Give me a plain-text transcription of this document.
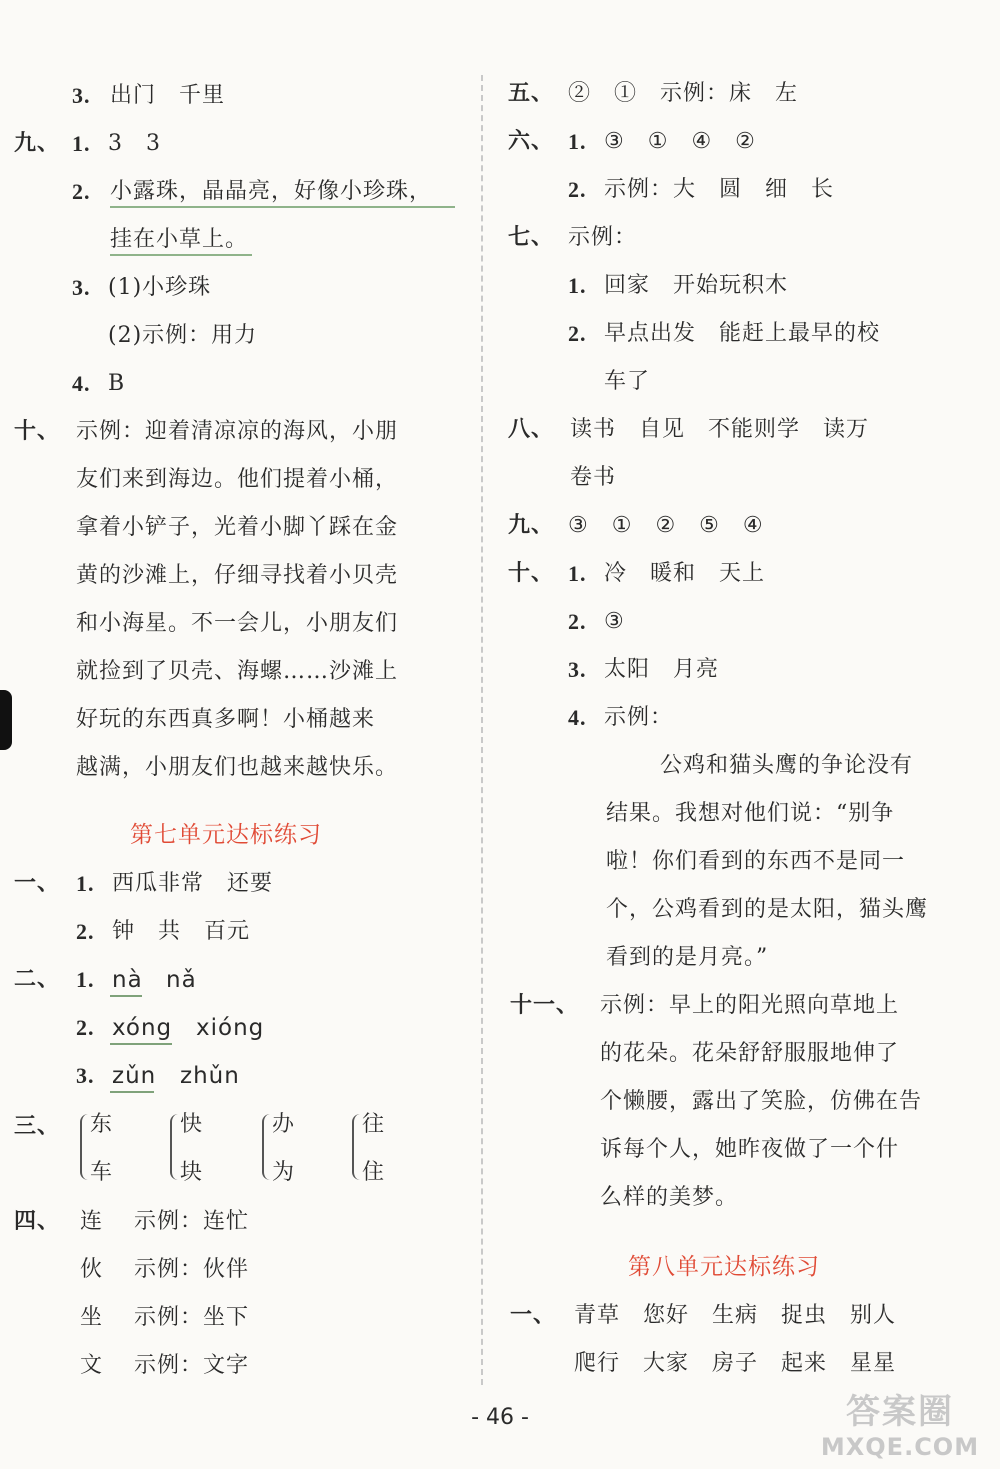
3. 出门　千里
九、 1. 3　3
2. 小露珠，晶晶亮，好像小珍珠，
挂在小草上。
3. (1)小珍珠
(2)示例：用力
4. B
十、 示例：迎着清凉凉的海风，小朋
友们来到海边。他们提着小桶，
拿着小铲子，光着小脚丫踩在金
黄的沙滩上，仔细寻找着小贝壳
和小海星。不一会儿，小朋友们
就捡到了贝壳、海螺……沙滩上
好玩的东西真多啊！小桶越来
越满，小朋友们也越来越快乐。
第七单元达标练习
一、 1. 西瓜非常　还要
2. 钟　共　百元
二、 1. nà nǎ
2. xóng xióng
3. zǔn zhǔn
三、 东
车
快
块
办
为
往
住
四、 连 示例：连忙
伙 示例：伙伴
坐 示例：坐下
文 示例：文字
五、 ②　①　示例：床　左
六、 1. ③　①　④　②
2. 示例：大　圆　细　长
七、 示例：
1. 回家　开始玩积木
2. 早点出发　能赶上最早的校
车了
八、 读书　自见　不能则学　读万
卷书
九、 ③　①　②　⑤　④
十、 1. 冷　暖和　天上
2. ③
3. 太阳　月亮
4. 示例：
公鸡和猫头鹰的争论没有
结果。我想对他们说：“别争
啦！你们看到的东西不是同一
个，公鸡看到的是太阳，猫头鹰
看到的是月亮。”
十一、 示例：早上的阳光照向草地上
的花朵。花朵舒舒服服地伸了
个懒腰，露出了笑脸，仿佛在告
诉每个人，她昨夜做了一个什
么样的美梦。
第八单元达标练习
一、 青草　您好　生病　捉虫　别人
爬行　大家　房子　起来　星星
- 46 -	答案圈
MXQE.COM
